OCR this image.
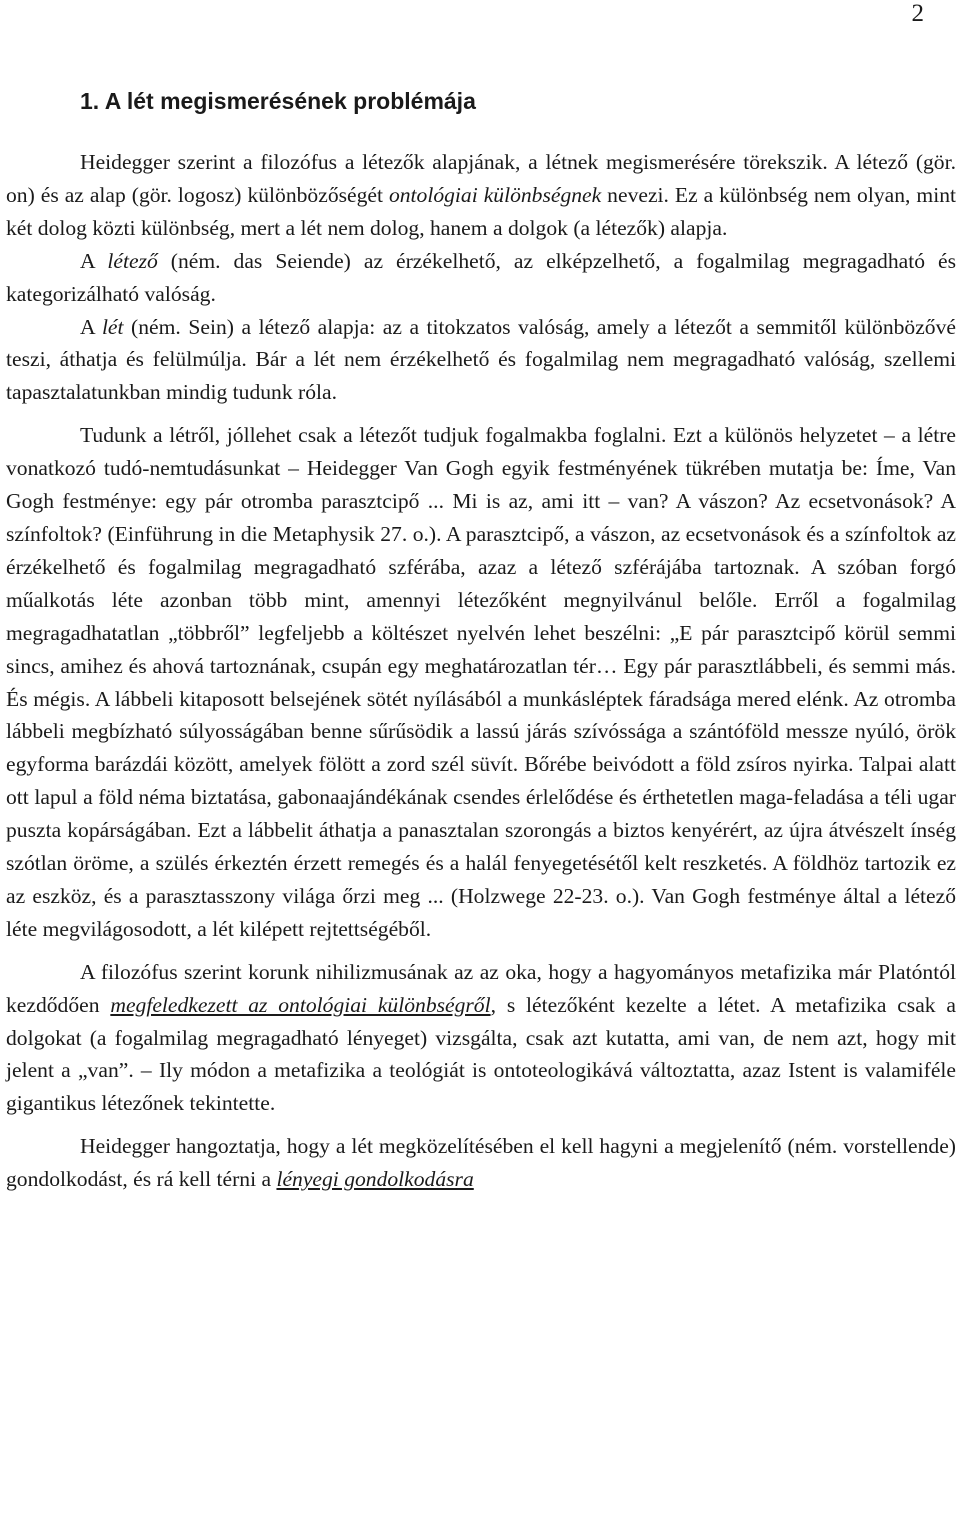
2
1. A lét megismerésének problémája

Heidegger szerint a filozófus a létezők alapjának, a létnek megismerésére törekszik. A létező (gör. on) és az alap (gör. logosz) különbözőségét ontológiai különbségnek nevezi. Ez a különbség nem olyan, mint két dolog közti különbség, mert a lét nem dolog, hanem a dolgok (a létezők) alapja.

A létező (ném. das Seiende) az érzékelhető, az elképzelhető, a fogalmilag megragadható és kategorizálható valóság.

A lét (ném. Sein) a létező alapja: az a titokzatos valóság, amely a létezőt a semmitől különbözővé teszi, áthatja és felülmúlja. Bár a lét nem érzékelhető és fogalmilag nem megragadható valóság, szellemi tapasztalatunkban mindig tudunk róla.

Tudunk a létről, jóllehet csak a létezőt tudjuk fogalmakba foglalni. Ezt a különös helyzetet – a létre vonatkozó tudó-nemtudásunkat – Heidegger Van Gogh egyik festményének tükrében mutatja be: Íme, Van Gogh festménye: egy pár otromba parasztcipő ... Mi is az, ami itt – van? A vászon? Az ecsetvonások? A színfoltok? (Einführung in die Metaphysik 27. o.). A parasztcipő, a vászon, az ecsetvonások és a színfoltok az érzékelhető és fogalmilag megragadható szférába, azaz a létező szférájába tartoznak. A szóban forgó műalkotás léte azonban több mint, amennyi létezőként megnyilvánul belőle. Erről a fogalmilag megragadhatatlan „többről” legfeljebb a költészet nyelvén lehet beszélni: „E pár parasztcipő körül semmi sincs, amihez és ahová tartoznának, csupán egy meghatározatlan tér… Egy pár parasztlábbeli, és semmi más. És mégis. A lábbeli kitaposott belsejének sötét nyílásából a munkásléptek fáradsága mered elénk. Az otromba lábbeli megbízható súlyosságában benne sűrűsödik a lassú járás szívóssága a szántóföld messze nyúló, örök egyforma barázdái között, amelyek fölött a zord szél süvít. Bőrébe beivódott a föld zsíros nyirka. Talpai alatt ott lapul a föld néma biztatása, gabonaajándékának csendes érlelődése és érthetetlen maga-feladása a téli ugar puszta kopárságában. Ezt a lábbelit áthatja a panasztalan szorongás a biztos kenyérért, az újra átvészelt ínség szótlan öröme, a szülés érkeztén érzett remegés és a halál fenyegetésétől kelt reszketés. A földhöz tartozik ez az eszköz, és a parasztasszony világa őrzi meg ... (Holzwege 22-23. o.). Van Gogh festménye által a létező léte megvilágosodott, a lét kilépett rejtettségéből.

A filozófus szerint korunk nihilizmusának az az oka, hogy a hagyományos metafizika már Platóntól kezdődően megfeledkezett az ontológiai különbségről, s létezőként kezelte a létet. A metafizika csak a dolgokat (a fogalmilag megragadható lényeget) vizsgálta, csak azt kutatta, ami van, de nem azt, hogy mit jelent a „van”. – Ily módon a metafizika a teológiát is ontoteologikává változtatta, azaz Istent is valamiféle gigantikus létezőnek tekintette.

Heidegger hangoztatja, hogy a lét megközelítésében el kell hagyni a megjelenítő (ném. vorstellende) gondolkodást, és rá kell térni a lényegi gondolkodásra
